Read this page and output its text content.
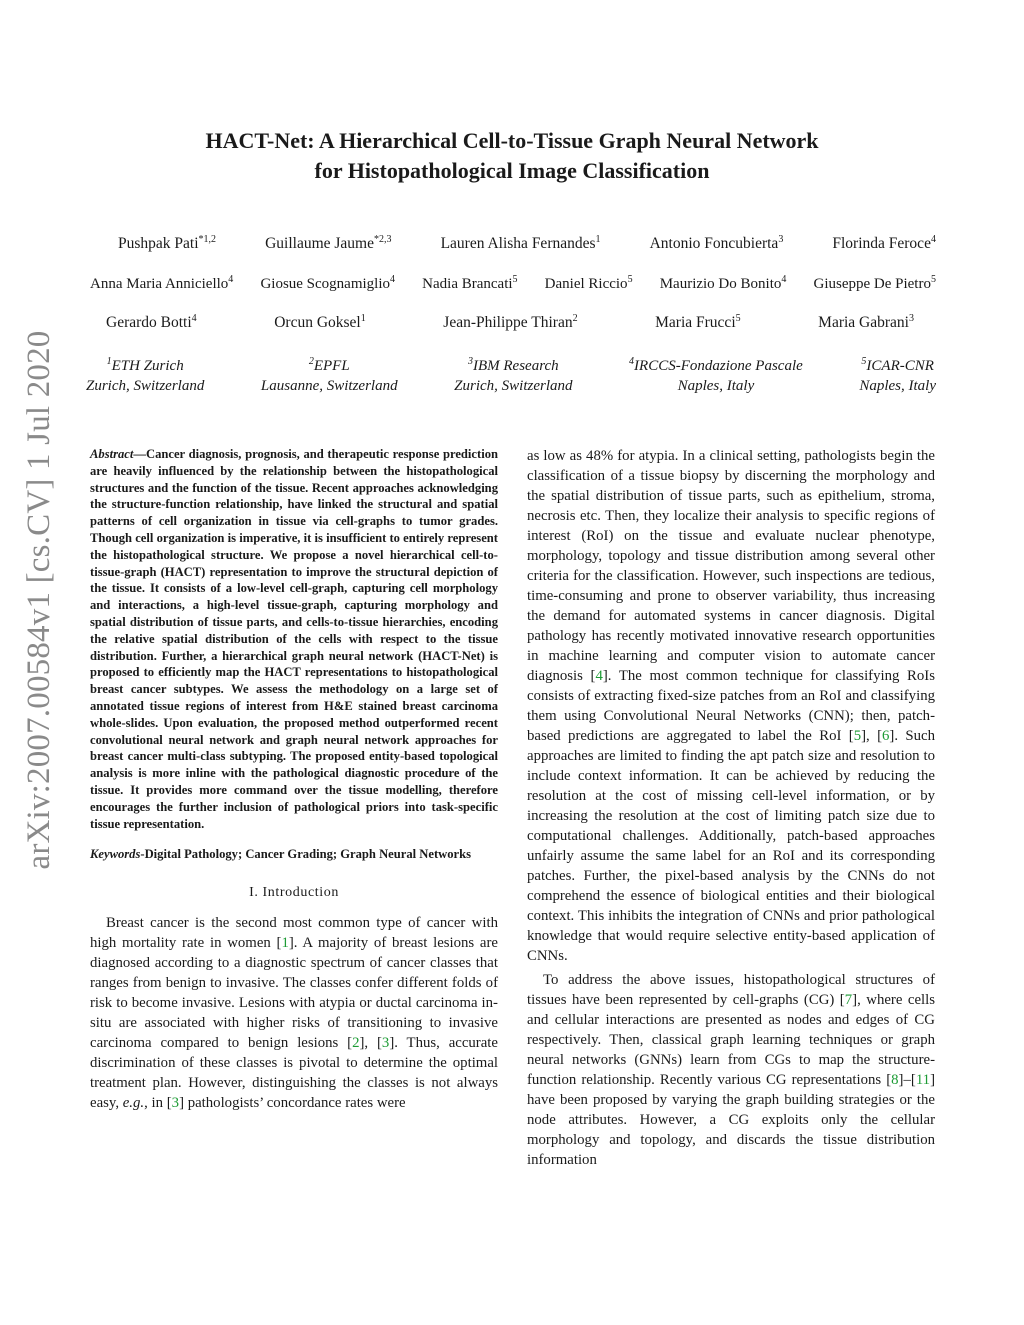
arXiv:2007.00584v1 [cs.CV] 1 Jul 2020
HACT-Net: A Hierarchical Cell-to-Tissue Graph Neural Network
for Histopathological Image Classification
Pushpak Pati$^{*1,2}$	Guillaume Jaume$^{*2,3}$	Lauren Alisha Fernandes$^1$	Antonio Foncubierta$^3$	Florinda Feroce$^4$
Anna Maria Anniciello$^4$ Giosue Scognamiglio$^4$ Nadia Brancati$^5$ Daniel Riccio$^5$ Maurizio Do Bonito$^4$ Giuseppe De Pietro$^5$
Gerardo Botti$^4$	Orcun Goksel$^1$	Jean-Philippe Thiran$^2$	Maria Frucci$^5$	Maria Gabrani$^3$
$^1$ETH Zurich
Zurich, Switzerland
$^2$EPFL
Lausanne, Switzerland
$^3$IBM Research
Zurich, Switzerland
$^4$IRCCS-Fondazione Pascale
Naples, Italy
$^5$ICAR-CNR
Naples, Italy

Abstract—Cancer diagnosis, prognosis, and therapeutic response prediction are heavily influenced by the relationship between the histopathological structures and the function of the tissue. Recent approaches acknowledging the structure-function relationship, have linked the structural and spatial patterns of cell organization in tissue via cell-graphs to tumor grades. Though cell organization is imperative, it is insufficient to entirely represent the histopathological structure. We propose a novel hierarchical cell-to-tissue-graph (HACT) representation to improve the structural depiction of the tissue. It consists of a low-level cell-graph, capturing cell morphology and interactions, a high-level tissue-graph, capturing morphology and spatial distribution of tissue parts, and cells-to-tissue hierarchies, encoding the relative spatial distribution of the cells with respect to the tissue distribution. Further, a hierarchical graph neural network (HACT-Net) is proposed to efficiently map the HACT representations to histopathological breast cancer subtypes. We assess the methodology on a large set of annotated tissue regions of interest from H&E stained breast carcinoma whole-slides. Upon evaluation, the proposed method outperformed recent convolutional neural network and graph neural network approaches for breast cancer multi-class subtyping. The proposed entity-based topological analysis is more inline with the pathological diagnostic procedure of the tissue. It provides more command over the tissue modelling, therefore encourages the further inclusion of pathological priors into task-specific tissue representation.

Keywords-Digital Pathology; Cancer Grading; Graph Neural Networks

I. Introduction

Breast cancer is the second most common type of cancer with high mortality rate in women [1]. A majority of breast lesions are diagnosed according to a diagnostic spectrum of cancer classes that ranges from benign to invasive. The classes confer different folds of risk to become invasive. Lesions with atypia or ductal carcinoma in-situ are associated with higher risks of transitioning to invasive carcinoma compared to benign lesions [2], [3]. Thus, accurate discrimination of these classes is pivotal to determine the optimal treatment plan. However, distinguishing the classes is not always easy, e.g., in [3] pathologists’ concordance rates were

as low as 48% for atypia. In a clinical setting, pathologists begin the classification of a tissue biopsy by discerning the morphology and the spatial distribution of tissue parts, such as epithelium, stroma, necrosis etc. Then, they localize their analysis to specific regions of interest (RoI) on the tissue and evaluate nuclear phenotype, morphology, topology and tissue distribution among several other criteria for the classification. However, such inspections are tedious, time-consuming and prone to observer variability, thus increasing the demand for automated systems in cancer diagnosis. Digital pathology has recently motivated innovative research opportunities in machine learning and computer vision to automate cancer diagnosis [4]. The most common technique for classifying RoIs consists of extracting fixed-size patches from an RoI and classifying them using Convolutional Neural Networks (CNN); then, patch-based predictions are aggregated to label the RoI [5], [6]. Such approaches are limited to finding the apt patch size and resolution to include context information. It can be achieved by reducing the resolution at the cost of missing cell-level information, or by increasing the resolution at the cost of limiting patch size due to computational challenges. Additionally, patch-based approaches unfairly assume the same label for an RoI and its corresponding patches. Further, the pixel-based analysis by the CNNs do not comprehend the essence of biological entities and their biological context. This inhibits the integration of CNNs and prior pathological knowledge that would require selective entity-based application of CNNs.

To address the above issues, histopathological structures of tissues have been represented by cell-graphs (CG) [7], where cells and cellular interactions are presented as nodes and edges of CG respectively. Then, classical graph learning techniques or graph neural networks (GNNs) learn from CGs to map the structure-function relationship. Recently various CG representations [8]–[11] have been proposed by varying the graph building strategies or the node attributes. However, a CG exploits only the cellular morphology and topology, and discards the tissue distribution information
